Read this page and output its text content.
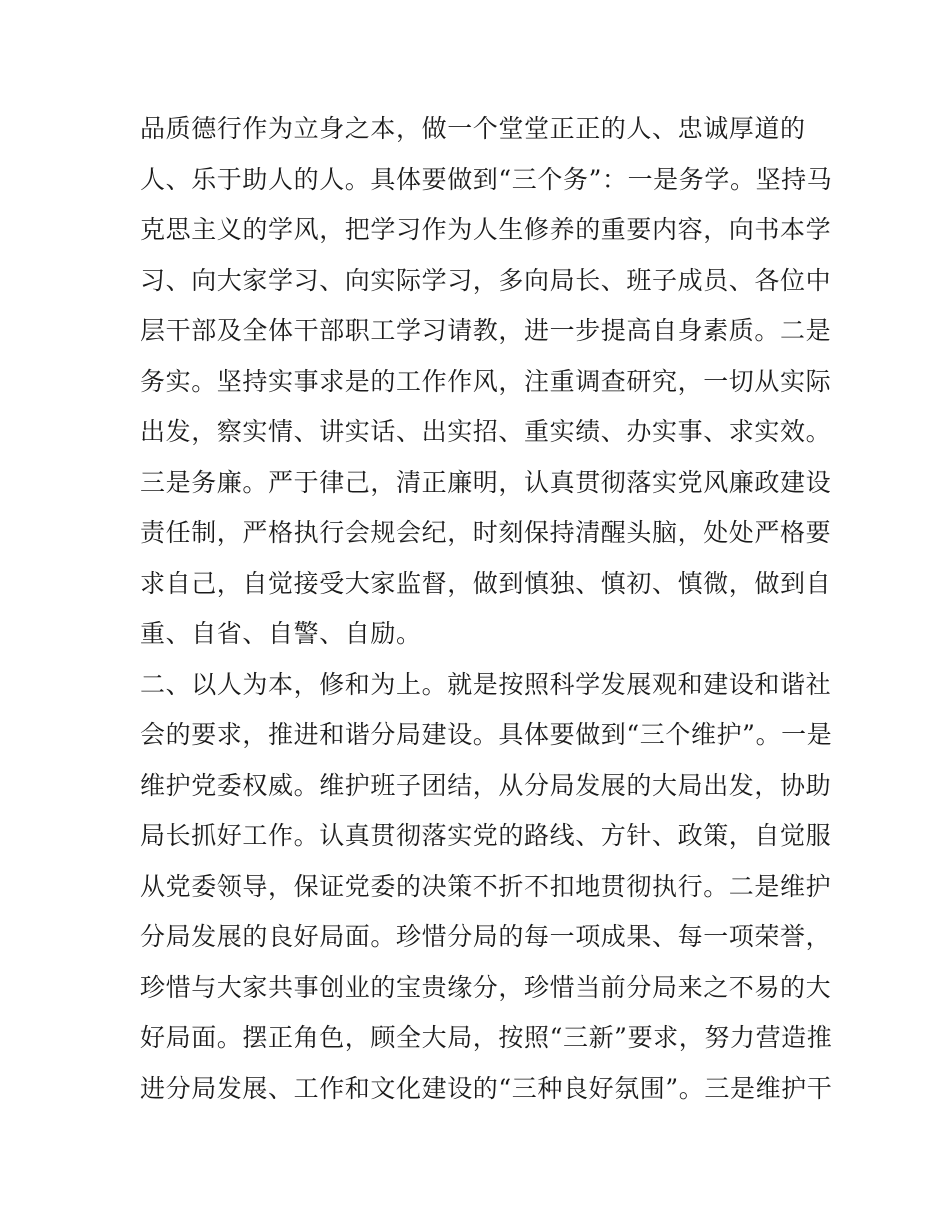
品质德行作为立身之本，做一个堂堂正正的人、忠诚厚道的
人、乐于助人的人。具体要做到“三个务”：一是务学。坚持马
克思主义的学风，把学习作为人生修养的重要内容，向书本学
习、向大家学习、向实际学习，多向局长、班子成员、各位中
层干部及全体干部职工学习请教，进一步提高自身素质。二是
务实。坚持实事求是的工作作风，注重调查研究，一切从实际
出发，察实情、讲实话、出实招、重实绩、办实事、求实效。
三是务廉。严于律己，清正廉明，认真贯彻落实党风廉政建设
责任制，严格执行会规会纪，时刻保持清醒头脑，处处严格要
求自己，自觉接受大家监督，做到慎独、慎初、慎微，做到自
重、自省、自警、自励。
二、以人为本，修和为上。就是按照科学发展观和建设和谐社
会的要求，推进和谐分局建设。具体要做到“三个维护”。一是
维护党委权威。维护班子团结，从分局发展的大局出发，协助
局长抓好工作。认真贯彻落实党的路线、方针、政策，自觉服
从党委领导，保证党委的决策不折不扣地贯彻执行。二是维护
分局发展的良好局面。珍惜分局的每一项成果、每一项荣誉，
珍惜与大家共事创业的宝贵缘分，珍惜当前分局来之不易的大
好局面。摆正角色，顾全大局，按照“三新”要求，努力营造推
进分局发展、工作和文化建设的“三种良好氛围”。三是维护干
